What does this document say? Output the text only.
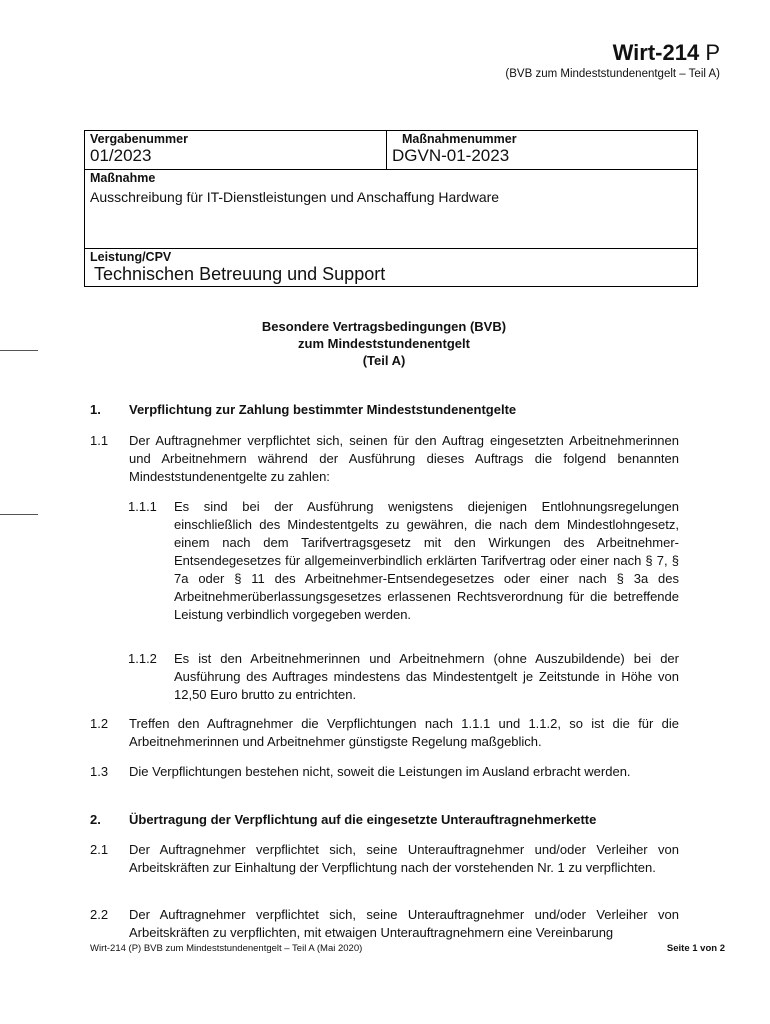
Wirt-214 P
(BVB zum Mindeststundenentgelt – Teil A)
Vergabenummer
01/2023
Maßnahmenummer
DGVN-01-2023
Maßnahme
Ausschreibung für IT-Dienstleistungen und Anschaffung Hardware
Leistung/CPV
Technischen Betreuung und Support
Besondere Vertragsbedingungen (BVB)
zum Mindeststundenentgelt
(Teil A)
1. Verpflichtung zur Zahlung bestimmter Mindeststundenentgelte
1.1 Der Auftragnehmer verpflichtet sich, seinen für den Auftrag eingesetzten Arbeitnehmerinnen und Arbeitnehmern während der Ausführung dieses Auftrags die folgend benannten Mindeststundenentgelte zu zahlen:
1.1.1 Es sind bei der Ausführung wenigstens diejenigen Entlohnungsregelungen einschließlich des Mindestentgelts zu gewähren, die nach dem Mindestlohngesetz, einem nach dem Tarifvertragsgesetz mit den Wirkungen des Arbeitnehmer-Entsendegesetzes für allgemeinverbindlich erklärten Tarifvertrag oder einer nach § 7, § 7a oder § 11 des Arbeitnehmer-Entsendegesetzes oder einer nach § 3a des Arbeitnehmerüberlassungsgesetzes erlassenen Rechtsverordnung für die betreffende Leistung verbindlich vorgegeben werden.
1.1.2 Es ist den Arbeitnehmerinnen und Arbeitnehmern (ohne Auszubildende) bei der Ausführung des Auftrages mindestens das Mindestentgelt je Zeitstunde in Höhe von 12,50 Euro brutto zu entrichten.
1.2 Treffen den Auftragnehmer die Verpflichtungen nach 1.1.1 und 1.1.2, so ist die für die Arbeitnehmerinnen und Arbeitnehmer günstigste Regelung maßgeblich.
1.3 Die Verpflichtungen bestehen nicht, soweit die Leistungen im Ausland erbracht werden.
2. Übertragung der Verpflichtung auf die eingesetzte Unterauftragnehmerkette
2.1 Der Auftragnehmer verpflichtet sich, seine Unterauftragnehmer und/oder Verleiher von Arbeitskräften zur Einhaltung der Verpflichtung nach der vorstehenden Nr. 1 zu verpflichten.
2.2 Der Auftragnehmer verpflichtet sich, seine Unterauftragnehmer und/oder Verleiher von Arbeitskräften zu verpflichten, mit etwaigen Unterauftragnehmern eine Vereinbarung
Wirt-214 (P) BVB zum Mindeststundenentgelt – Teil A (Mai 2020)	Seite 1 von 2
